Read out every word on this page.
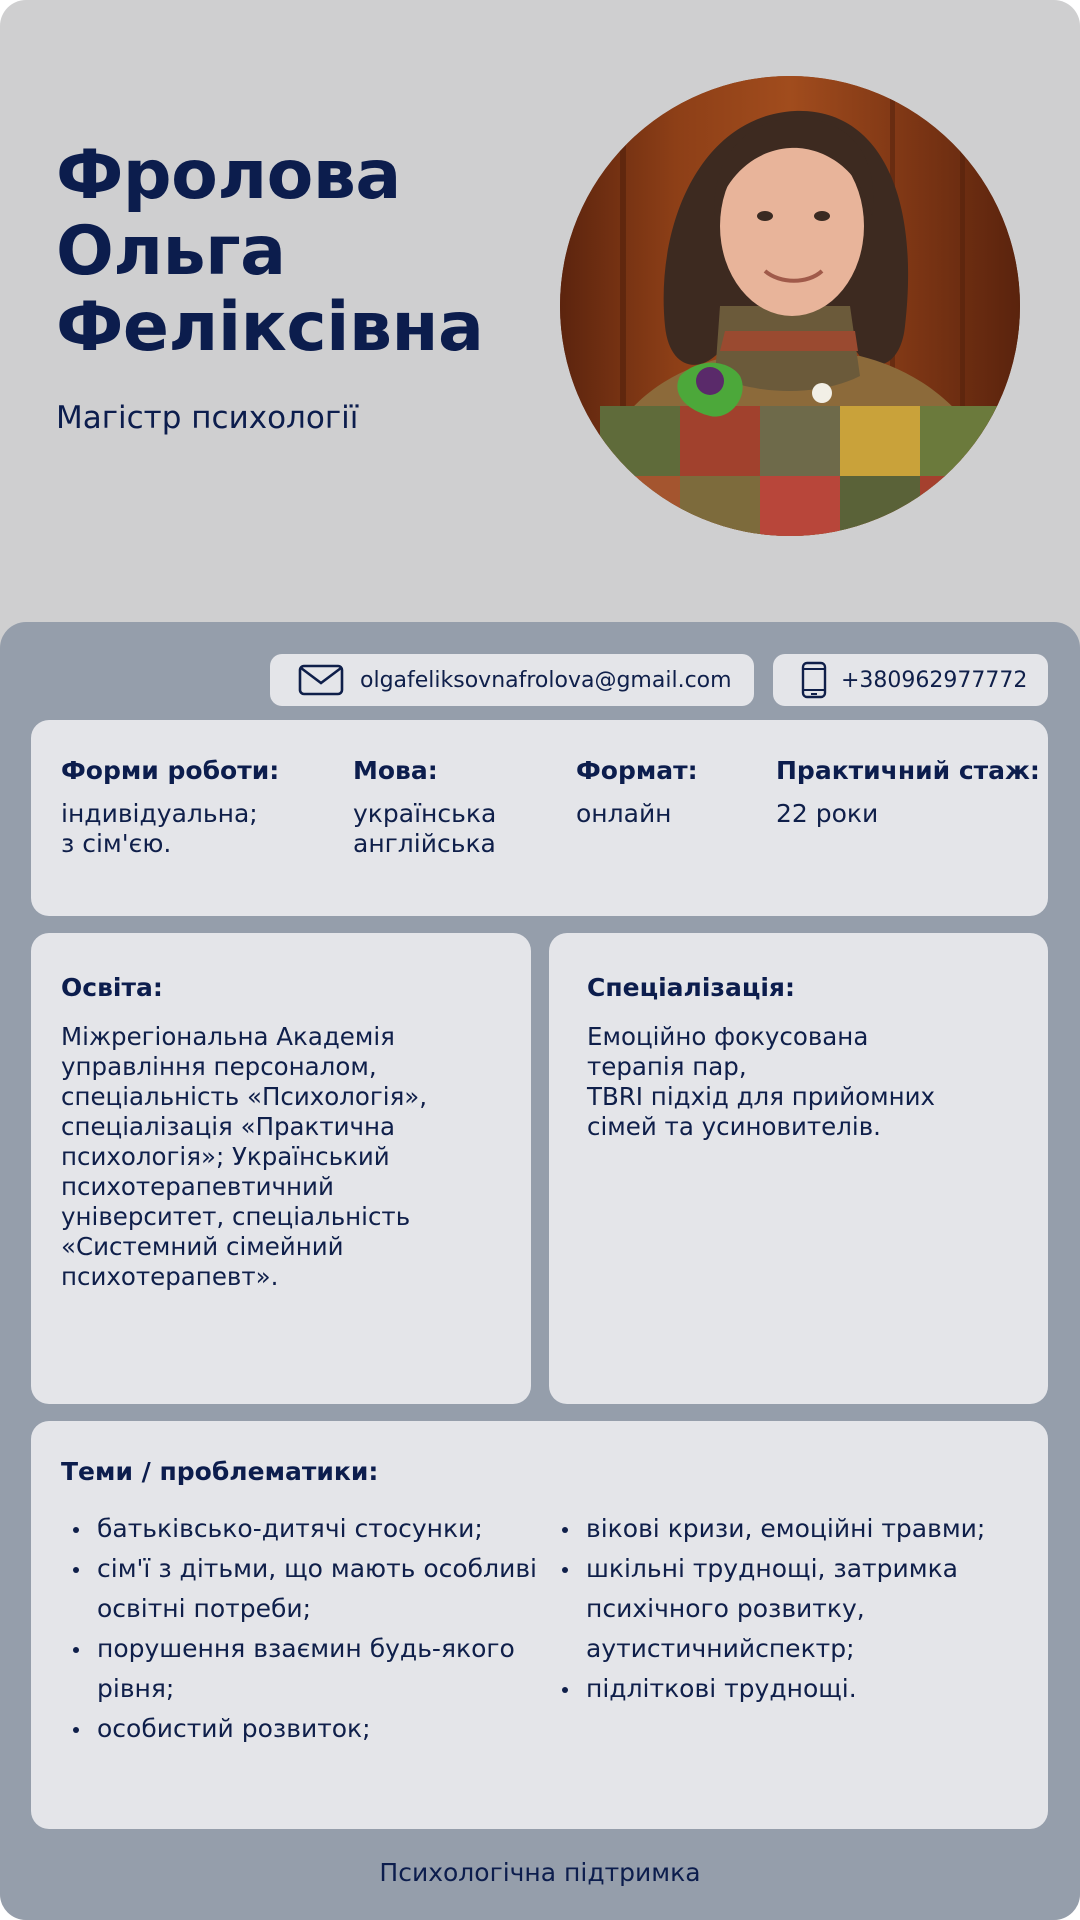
Фролова
Ольга
Феліксівна
Магістр психології
olgafeliksovnafrolova@gmail.com	+380962977772
Форми роботи:

індивідуальна;
з сім'єю.

Мова:

українська
англійська

Формат:

онлайн

Практичний стаж:

22 роки

Освіта:
Міжрегіональна Академія
управління персоналом,
спеціальність «Психологія»,
спеціалізація «Практична
психологія»; Український
психотерапевтичний
університет, спеціальність
«Системний сімейний
психотерапевт».
Спеціалізація:
Емоційно фокусована
терапія пар,
TBRI підхід для прийомних
сімей та усиновителів.
Теми / проблематики:
батьківсько-дитячі стосунки;
сім'ї з дітьми, що мають особливі
освітні потреби;
порушення взаємин будь-якого
рівня;
особистий розвиток;
вікові кризи, емоційні травми;
шкільні труднощі, затримка
психічного розвитку,
аутистичнийспектр;
підліткові труднощі.
Психологічна підтримка
